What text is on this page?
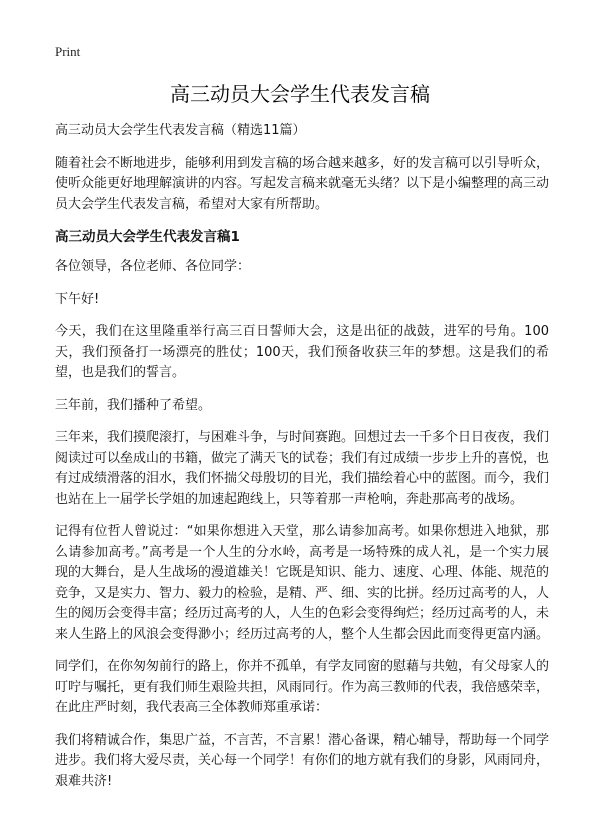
Print
高三动员大会学生代表发言稿

高三动员大会学生代表发言稿（精选11篇）

随着社会不断地进步，能够利用到发言稿的场合越来越多，好的发言稿可以引导听众，使听众能更好地理解演讲的内容。写起发言稿来就毫无头绪？以下是小编整理的高三动员大会学生代表发言稿，希望对大家有所帮助。

高三动员大会学生代表发言稿1

各位领导，各位老师、各位同学：

下午好!

今天，我们在这里隆重举行高三百日誓师大会，这是出征的战鼓，进军的号角。100天，我们预备打一场漂亮的胜仗；100天，我们预备收获三年的梦想。这是我们的希望，也是我们的誓言。

三年前，我们播种了希望。

三年来，我们摸爬滚打，与困难斗争，与时间赛跑。回想过去一千多个日日夜夜，我们阅读过可以垒成山的书籍，做完了满天飞的试卷；我们有过成绩一步步上升的喜悦，也有过成绩滑落的泪水，我们怀揣父母殷切的目光，我们描绘着心中的蓝图。而今，我们也站在上一届学长学姐的加速起跑线上，只等着那一声枪响，奔赴那高考的战场。

记得有位哲人曾说过：“如果你想进入天堂，那么请参加高考。如果你想进入地狱，那么请参加高考。”高考是一个人生的分水岭，高考是一场特殊的成人礼，是一个实力展现的大舞台，是人生战场的漫道雄关！它既是知识、能力、速度、心理、体能、规范的竞争，又是实力、智力、毅力的检验，是精、严、细、实的比拼。经历过高考的人，人生的阅历会变得丰富；经历过高考的人，人生的色彩会变得绚烂；经历过高考的人，未来人生路上的风浪会变得渺小；经历过高考的人，整个人生都会因此而变得更富内涵。

同学们，在你匆匆前行的路上，你并不孤单，有学友同窗的慰藉与共勉，有父母家人的叮咛与嘱托，更有我们师生艰险共担，风雨同行。作为高三教师的代表，我倍感荣幸，在此庄严时刻，我代表高三全体教师郑重承诺：

我们将精诚合作，集思广益，不言苦，不言累！潜心备课，精心辅导，帮助每一个同学进步。我们将大爱尽责，关心每一个同学！有你们的地方就有我们的身影，风雨同舟，艰难共济!
